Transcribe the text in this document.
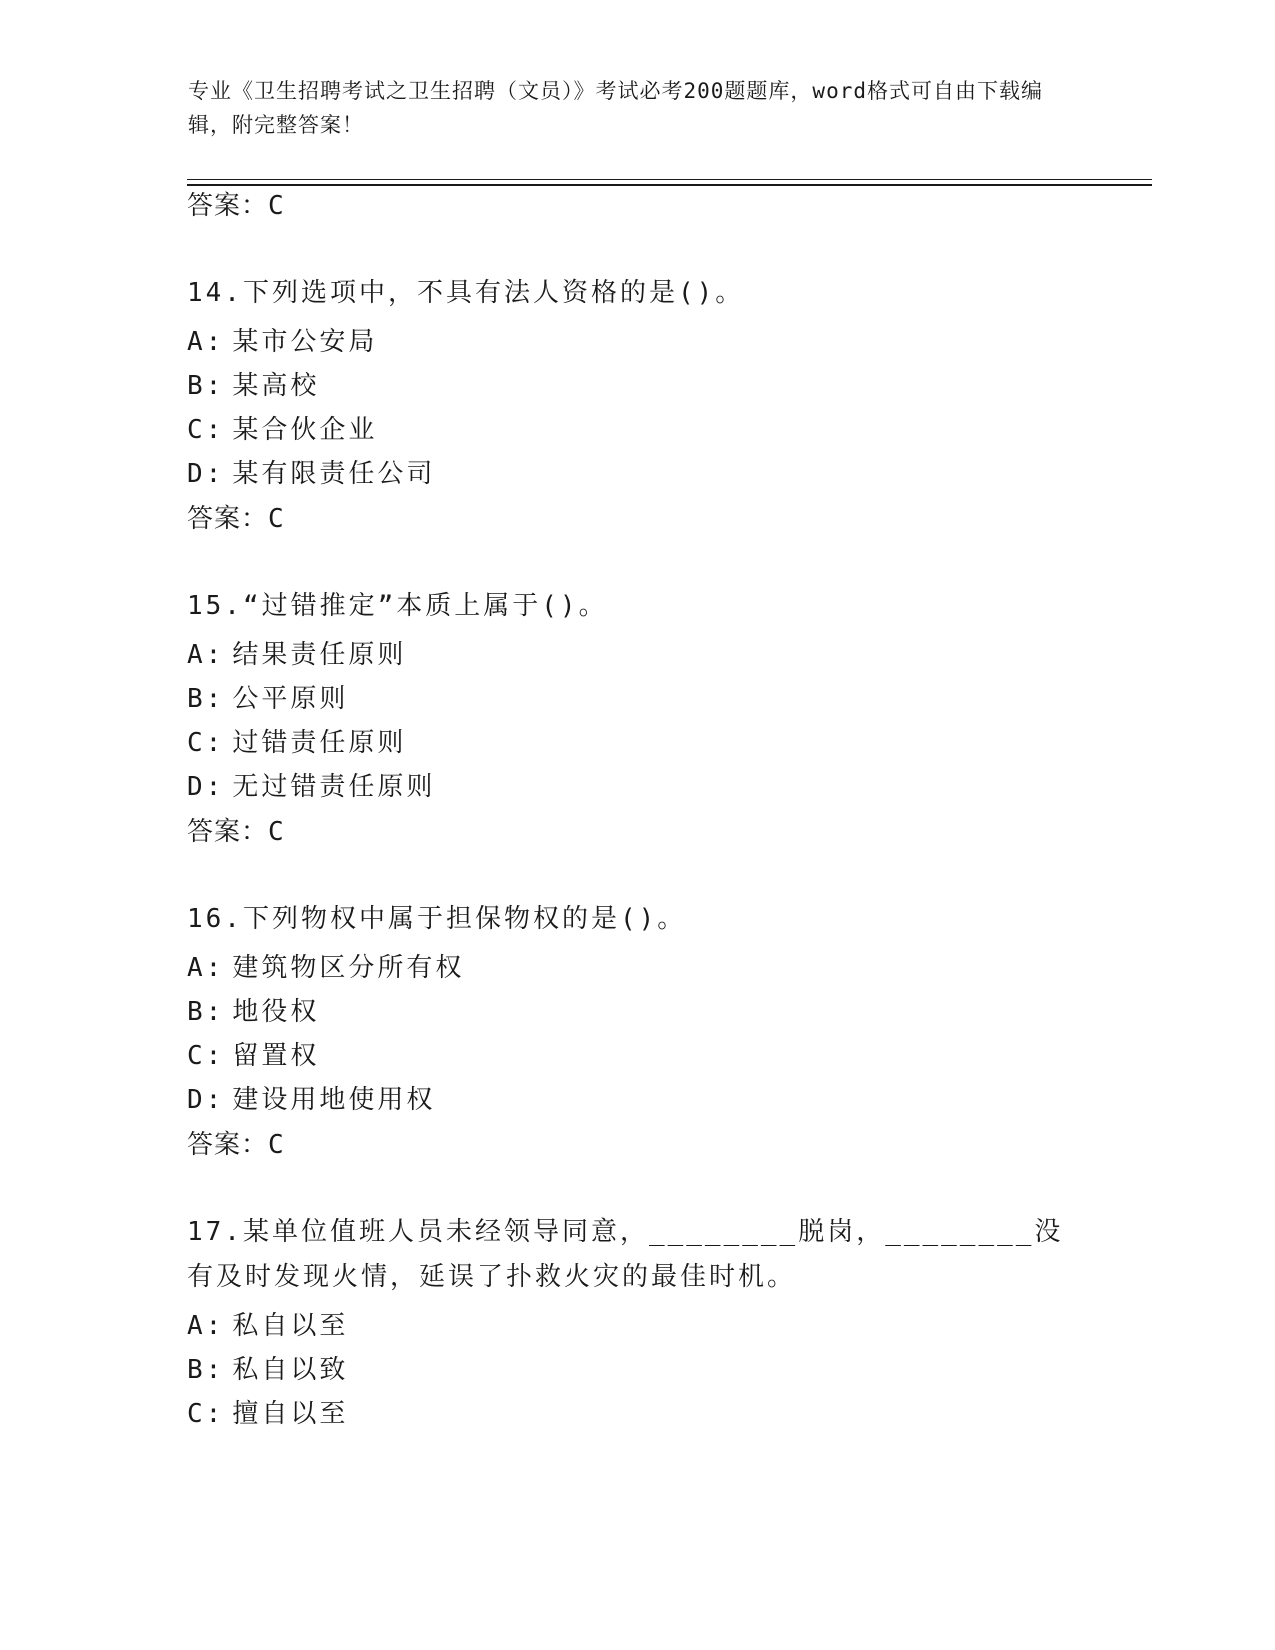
专业《卫生招聘考试之卫生招聘（文员）》考试必考200题题库，word格式可自由下载编辑，附完整答案！
答案：C
14.下列选项中，不具有法人资格的是()。
A: 某市公安局
B: 某高校
C: 某合伙企业
D: 某有限责任公司
答案：C
15.“过错推定”本质上属于()。
A: 结果责任原则
B: 公平原则
C: 过错责任原则
D: 无过错责任原则
答案：C
16.下列物权中属于担保物权的是()。
A: 建筑物区分所有权
B: 地役权
C: 留置权
D: 建设用地使用权
答案：C
17.某单位值班人员未经领导同意，________脱岗，________没有及时发现火情，延误了扑救火灾的最佳时机。
A: 私自以至
B: 私自以致
C: 擅自以至
